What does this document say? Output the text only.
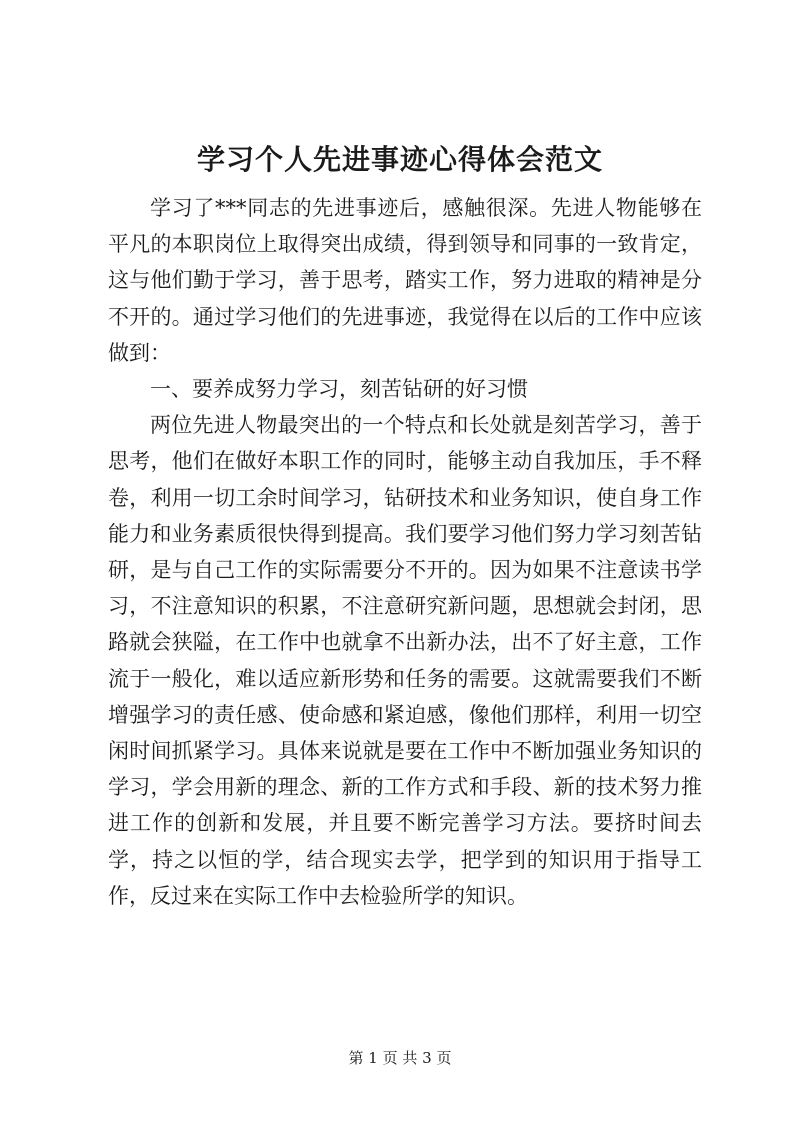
学习个人先进事迹心得体会范文

学习了***同志的先进事迹后，感触很深。先进人物能够在平凡的本职岗位上取得突出成绩，得到领导和同事的一致肯定，这与他们勤于学习，善于思考，踏实工作，努力进取的精神是分不开的。通过学习他们的先进事迹，我觉得在以后的工作中应该做到：

一、要养成努力学习，刻苦钻研的好习惯

两位先进人物最突出的一个特点和长处就是刻苦学习，善于思考，他们在做好本职工作的同时，能够主动自我加压，手不释卷，利用一切工余时间学习，钻研技术和业务知识，使自身工作能力和业务素质很快得到提高。我们要学习他们努力学习刻苦钻研，是与自己工作的实际需要分不开的。因为如果不注意读书学习，不注意知识的积累，不注意研究新问题，思想就会封闭，思路就会狭隘，在工作中也就拿不出新办法，出不了好主意，工作流于一般化，难以适应新形势和任务的需要。这就需要我们不断增强学习的责任感、使命感和紧迫感，像他们那样，利用一切空闲时间抓紧学习。具体来说就是要在工作中不断加强业务知识的学习，学会用新的理念、新的工作方式和手段、新的技术努力推进工作的创新和发展，并且要不断完善学习方法。要挤时间去学，持之以恒的学，结合现实去学，把学到的知识用于指导工作，反过来在实际工作中去检验所学的知识。

第 1 页 共 3 页
